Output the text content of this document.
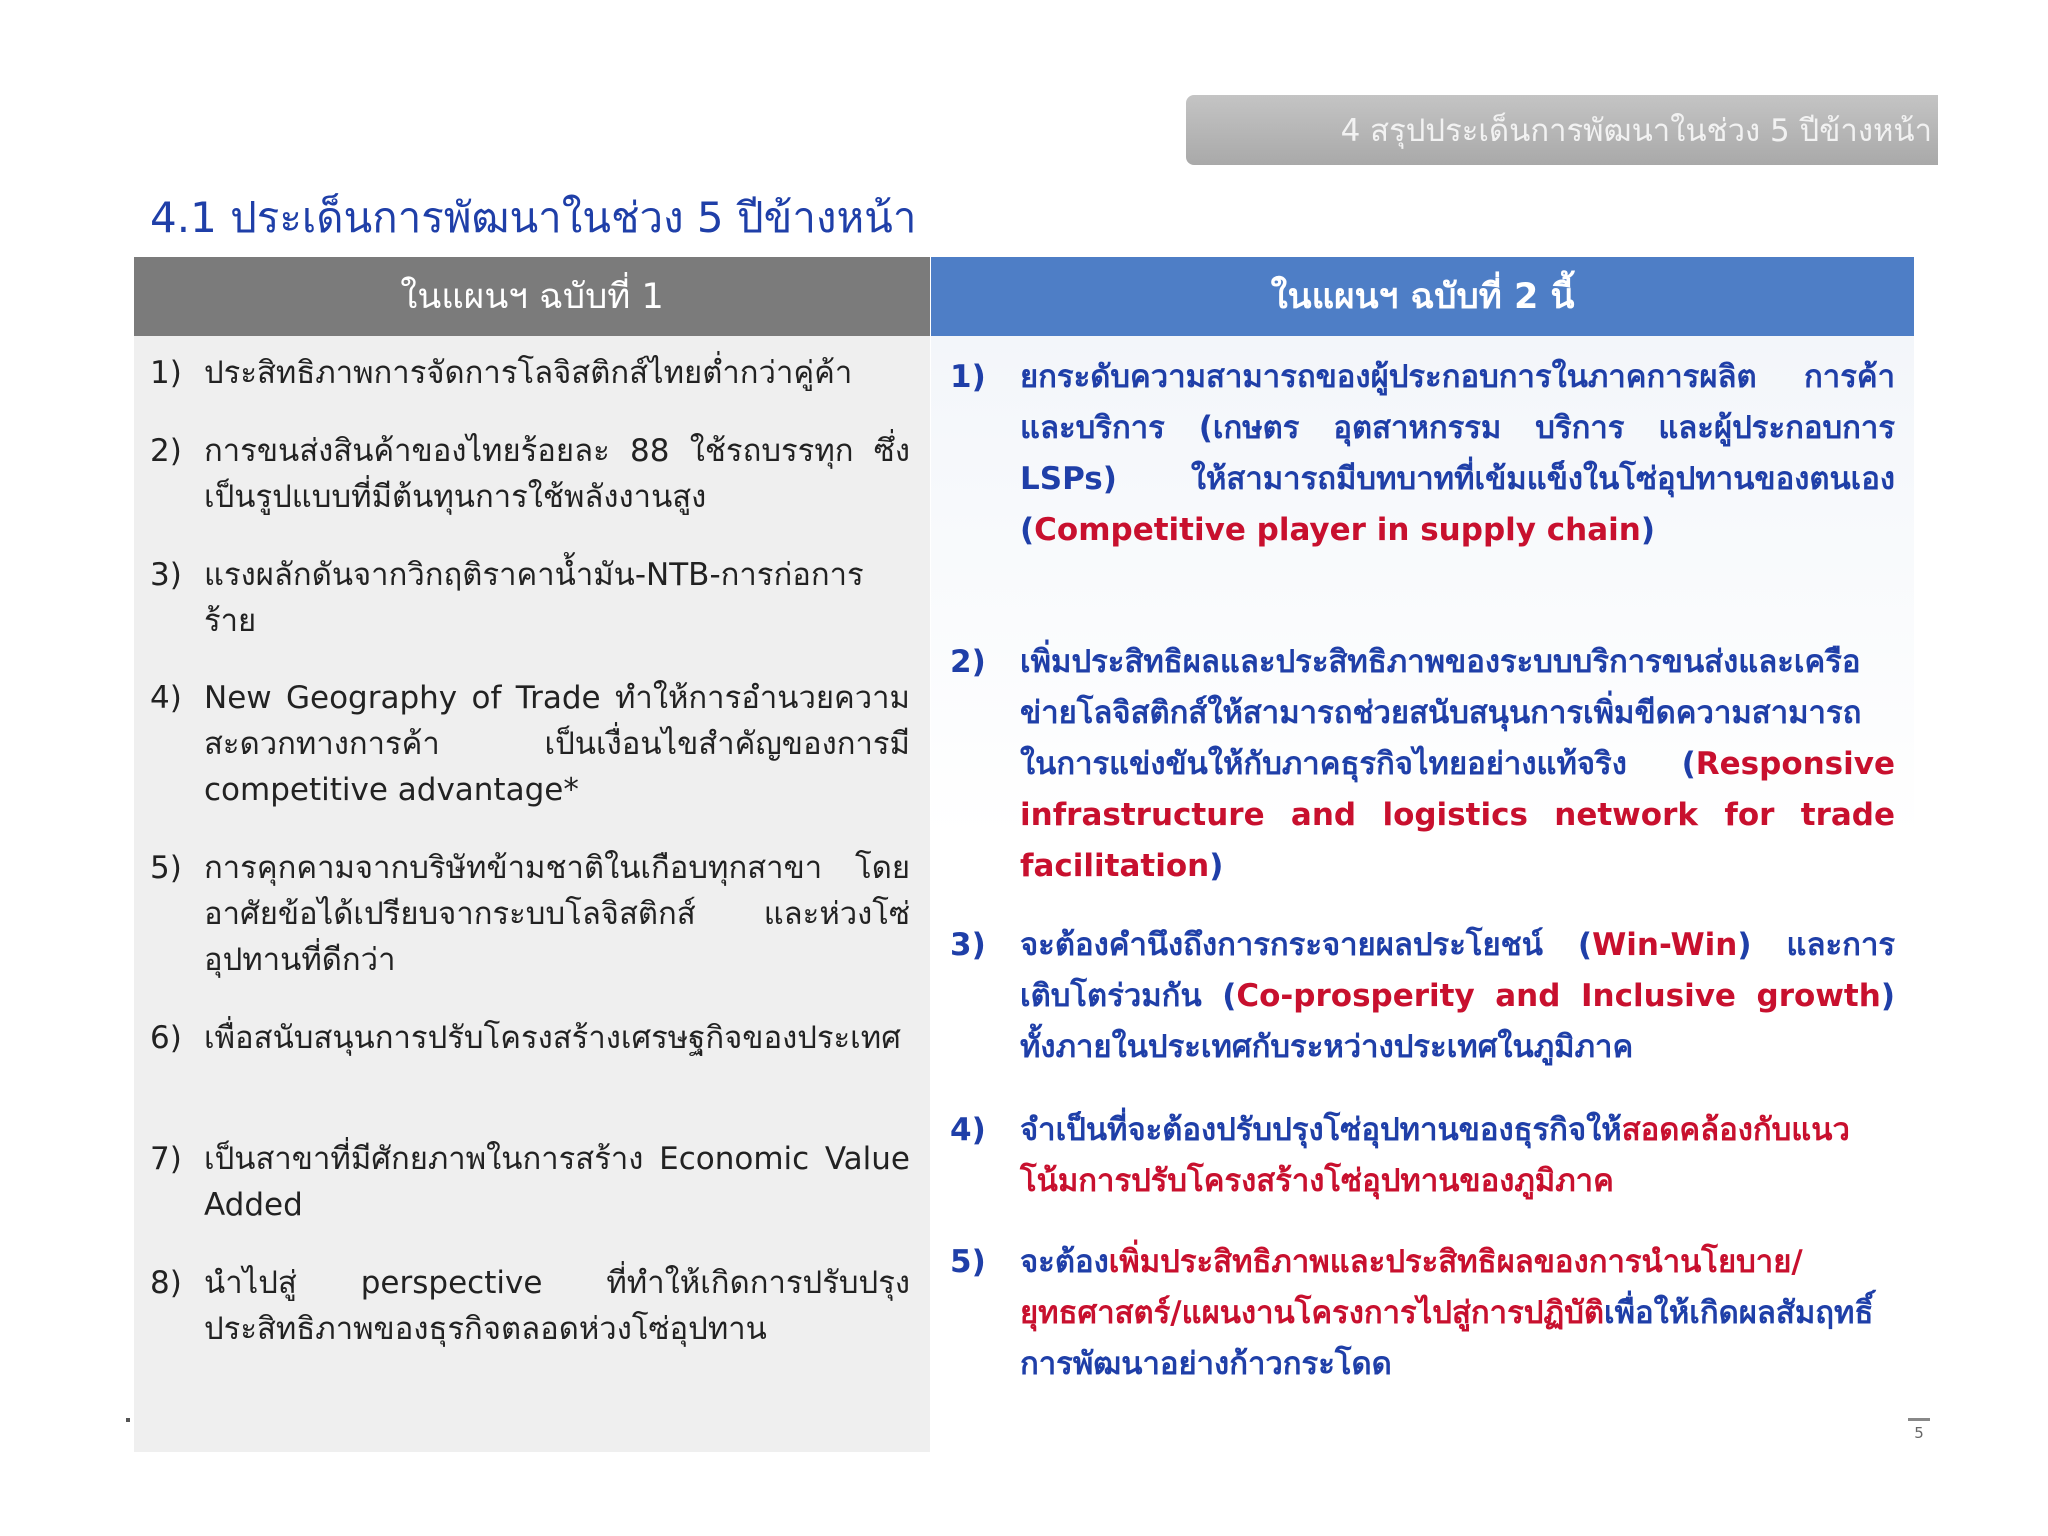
4 สรุปประเด็นการพัฒนาในช่วง 5 ปีข้างหน้า
4.1 ประเด็นการพัฒนาในช่วง 5 ปีข้างหน้า
ในแผนฯ ฉบับที่ 1	ในแผนฯ ฉบับที่ 2 นี้
1) ประสิทธิภาพการจัดการโลจิสติกส์ไทยต่ำกว่าคู่ค้า
2) การขนส่งสินค้าของไทยร้อยละ 88 ใช้รถบรรทุก ซึ่งเป็นรูปแบบที่มีต้นทุนการใช้พลังงานสูง
3) แรงผลักดันจากวิกฤติราคาน้ำมัน-NTB-การก่อการร้าย
4) New Geography of Trade ทำให้การอำนวยความสะดวกทางการค้า เป็นเงื่อนไขสำคัญของการมี competitive advantage*
5) การคุกคามจากบริษัทข้ามชาติในเกือบทุกสาขา โดยอาศัยข้อได้เปรียบจากระบบโลจิสติกส์ และห่วงโซ่อุปทานที่ดีกว่า
6) เพื่อสนับสนุนการปรับโครงสร้างเศรษฐกิจของประเทศ
7) เป็นสาขาที่มีศักยภาพในการสร้าง Economic Value Added
8) นำไปสู่ perspective ที่ทำให้เกิดการปรับปรุงประสิทธิภาพของธุรกิจตลอดห่วงโซ่อุปทาน
1)	ยกระดับความสามารถของผู้ประกอบการในภาคการผลิต การค้าและบริการ (เกษตร อุตสาหกรรม บริการ และผู้ประกอบการ LSPs) ให้สามารถมีบทบาทที่เข้มแข็งในโซ่อุปทานของตนเอง (Competitive player in supply chain)
2)	เพิ่มประสิทธิผลและประสิทธิภาพของระบบบริการขนส่งและเครือข่ายโลจิสติกส์ให้สามารถช่วยสนับสนุนการเพิ่มขีดความสามารถในการแข่งขันให้กับภาคธุรกิจไทยอย่างแท้จริง (Responsive infrastructure and logistics network for trade facilitation)
3)	จะต้องคำนึงถึงการกระจายผลประโยชน์ (Win-Win) และการเติบโตร่วมกัน (Co-prosperity and Inclusive growth) ทั้งภายในประเทศกับระหว่างประเทศในภูมิภาค
4)	จำเป็นที่จะต้องปรับปรุงโซ่อุปทานของธุรกิจให้สอดคล้องกับแนวโน้มการปรับโครงสร้างโซ่อุปทานของภูมิภาค
5)	จะต้องเพิ่มประสิทธิภาพและประสิทธิผลของการนำนโยบาย/ยุทธศาสตร์/แผนงานโครงการไปสู่การปฏิบัติเพื่อให้เกิดผลสัมฤทธิ์การพัฒนาอย่างก้าวกระโดด
5
